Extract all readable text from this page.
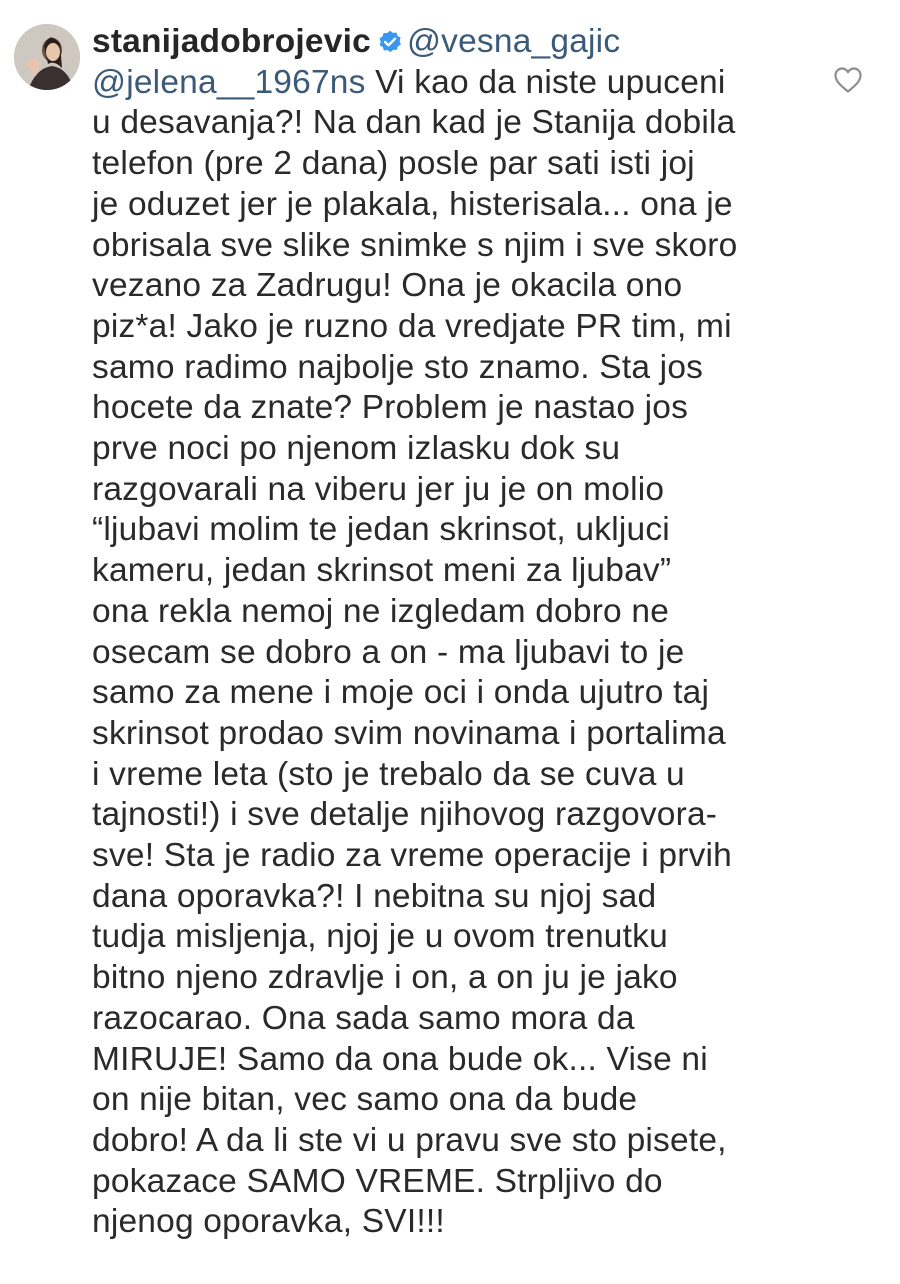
stanijadobrojevic @vesna_gajic
@jelena__1967ns Vi kao da niste upuceni
u desavanja?! Na dan kad je Stanija dobila
telefon (pre 2 dana) posle par sati isti joj
je oduzet jer je plakala, histerisala... ona je
obrisala sve slike snimke s njim i sve skoro
vezano za Zadrugu! Ona je okacila ono
piz*a! Jako je ruzno da vredjate PR tim, mi
samo radimo najbolje sto znamo. Sta jos
hocete da znate? Problem je nastao jos
prve noci po njenom izlasku dok su
razgovarali na viberu jer ju je on molio
“ljubavi molim te jedan skrinsot, ukljuci
kameru, jedan skrinsot meni za ljubav”
ona rekla nemoj ne izgledam dobro ne
osecam se dobro a on - ma ljubavi to je
samo za mene i moje oci i onda ujutro taj
skrinsot prodao svim novinama i portalima
i vreme leta (sto je trebalo da se cuva u
tajnosti!) i sve detalje njihovog razgovora-
sve! Sta je radio za vreme operacije i prvih
dana oporavka?! I nebitna su njoj sad
tudja misljenja, njoj je u ovom trenutku
bitno njeno zdravlje i on, a on ju je jako
razocarao. Ona sada samo mora da
MIRUJE! Samo da ona bude ok... Vise ni
on nije bitan, vec samo ona da bude
dobro! A da li ste vi u pravu sve sto pisete,
pokazace SAMO VREME. Strpljivo do
njenog oporavka, SVI!!!
